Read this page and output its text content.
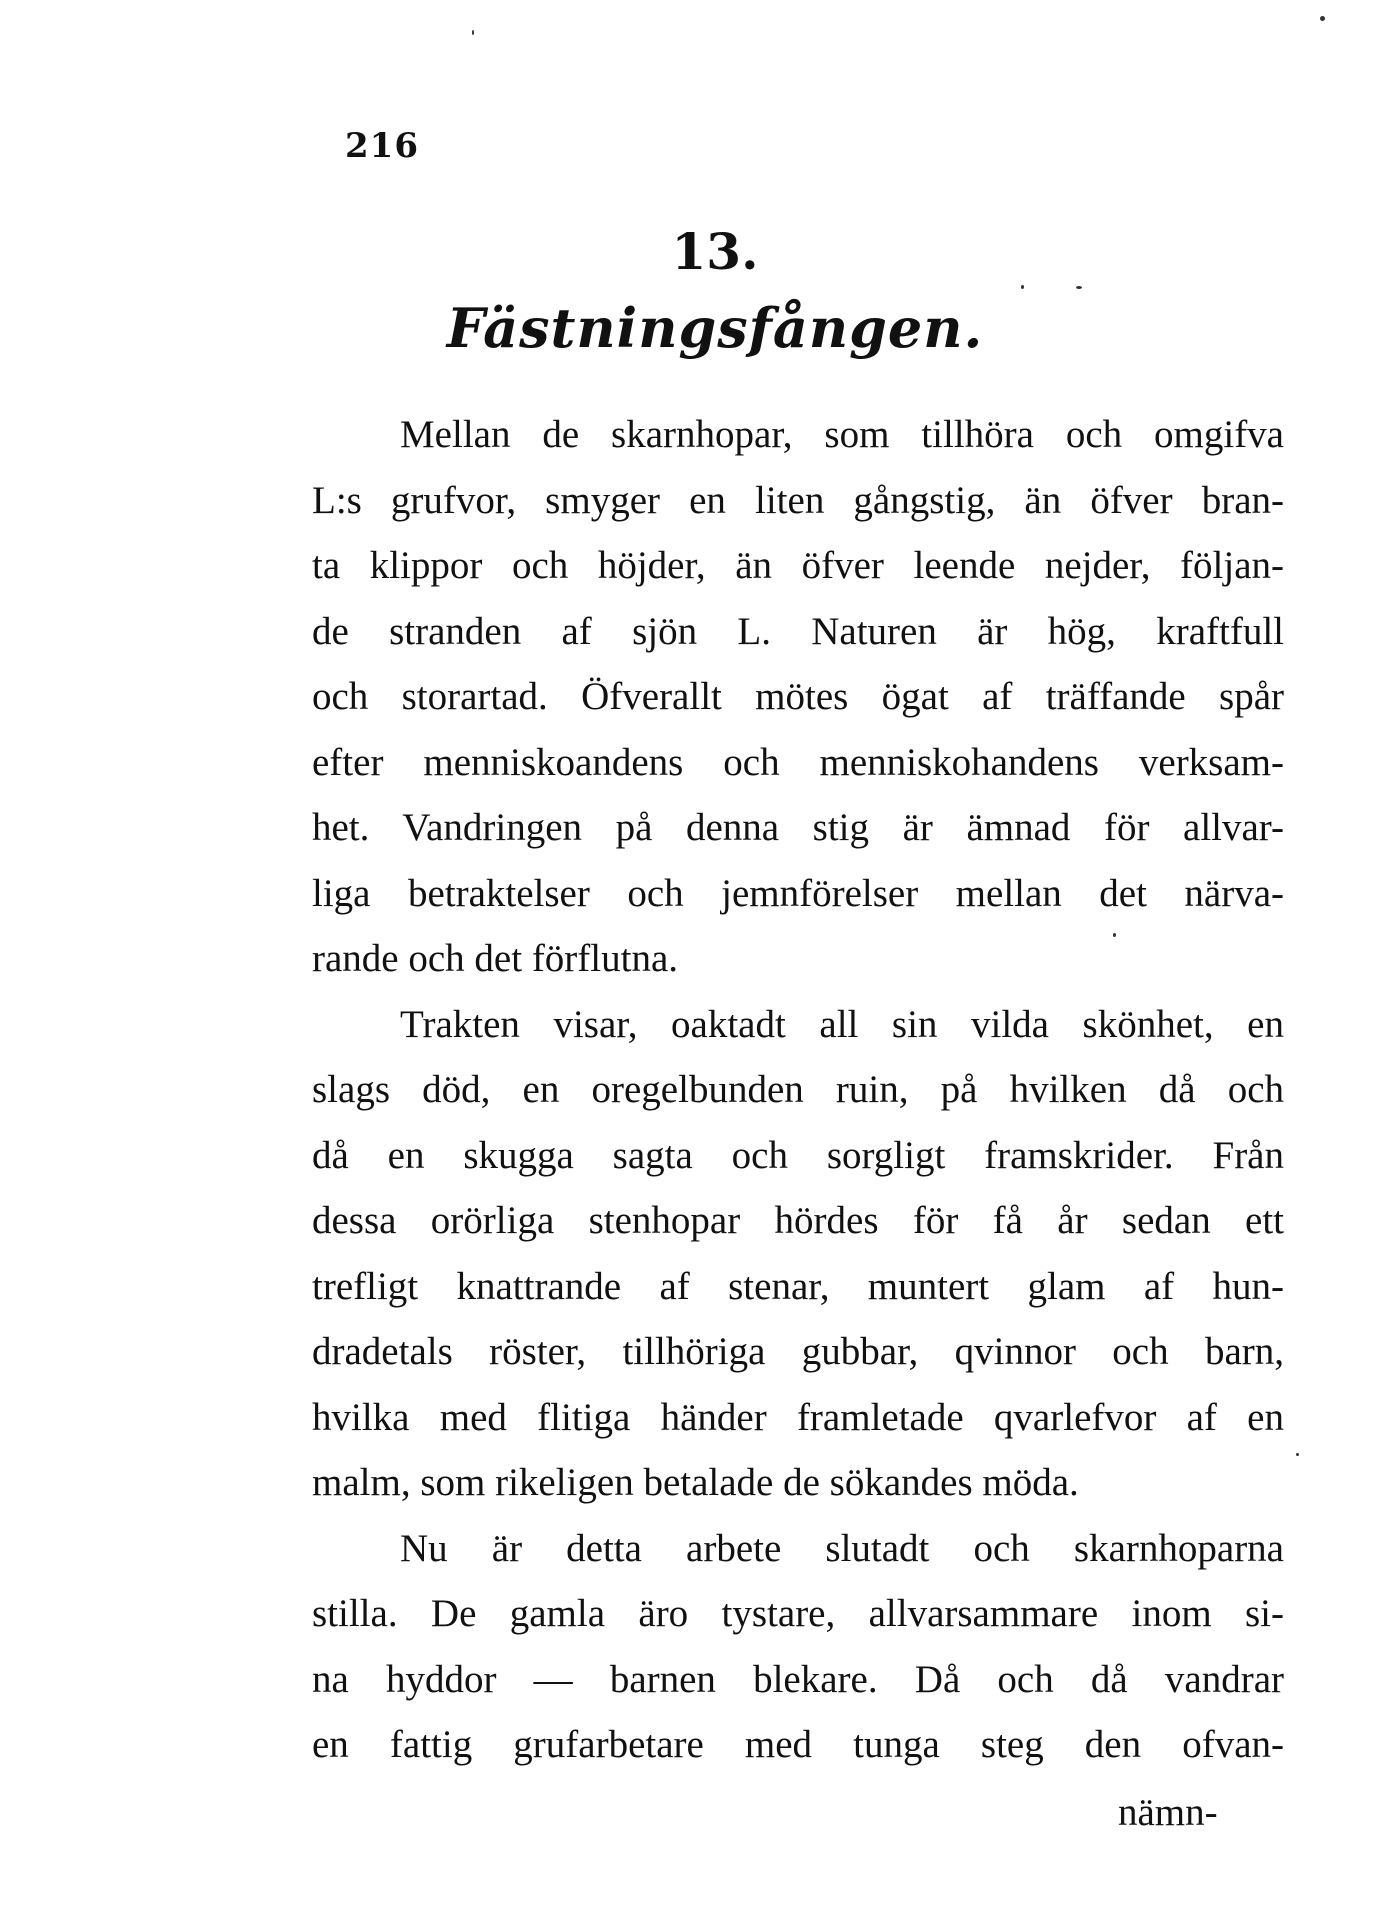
216
13.
Fästningsfången.
Mellan de skarnhopar, som tillhöra och omgifva
L:s grufvor, smyger en liten gångstig, än öfver bran-
ta klippor och höjder, än öfver leende nejder, följan-
de stranden af sjön L. Naturen är hög, kraftfull
och storartad. Öfverallt mötes ögat af träffande spår
efter menniskoandens och menniskohandens verksam-
het. Vandringen på denna stig är ämnad för allvar-
liga betraktelser och jemnförelser mellan det närva-
rande och det förflutna.
Trakten visar, oaktadt all sin vilda skönhet, en
slags död, en oregelbunden ruin, på hvilken då och
då en skugga sagta och sorgligt framskrider. Från
dessa orörliga stenhopar hördes för få år sedan ett
trefligt knattrande af stenar, muntert glam af hun-
dradetals röster, tillhöriga gubbar, qvinnor och barn,
hvilka med flitiga händer framletade qvarlefvor af en
malm, som rikeligen betalade de sökandes möda.
Nu är detta arbete slutadt och skarnhoparna
stilla. De gamla äro tystare, allvarsammare inom si-
na hyddor — barnen blekare. Då och då vandrar
en fattig grufarbetare med tunga steg den ofvan-
nämn-
